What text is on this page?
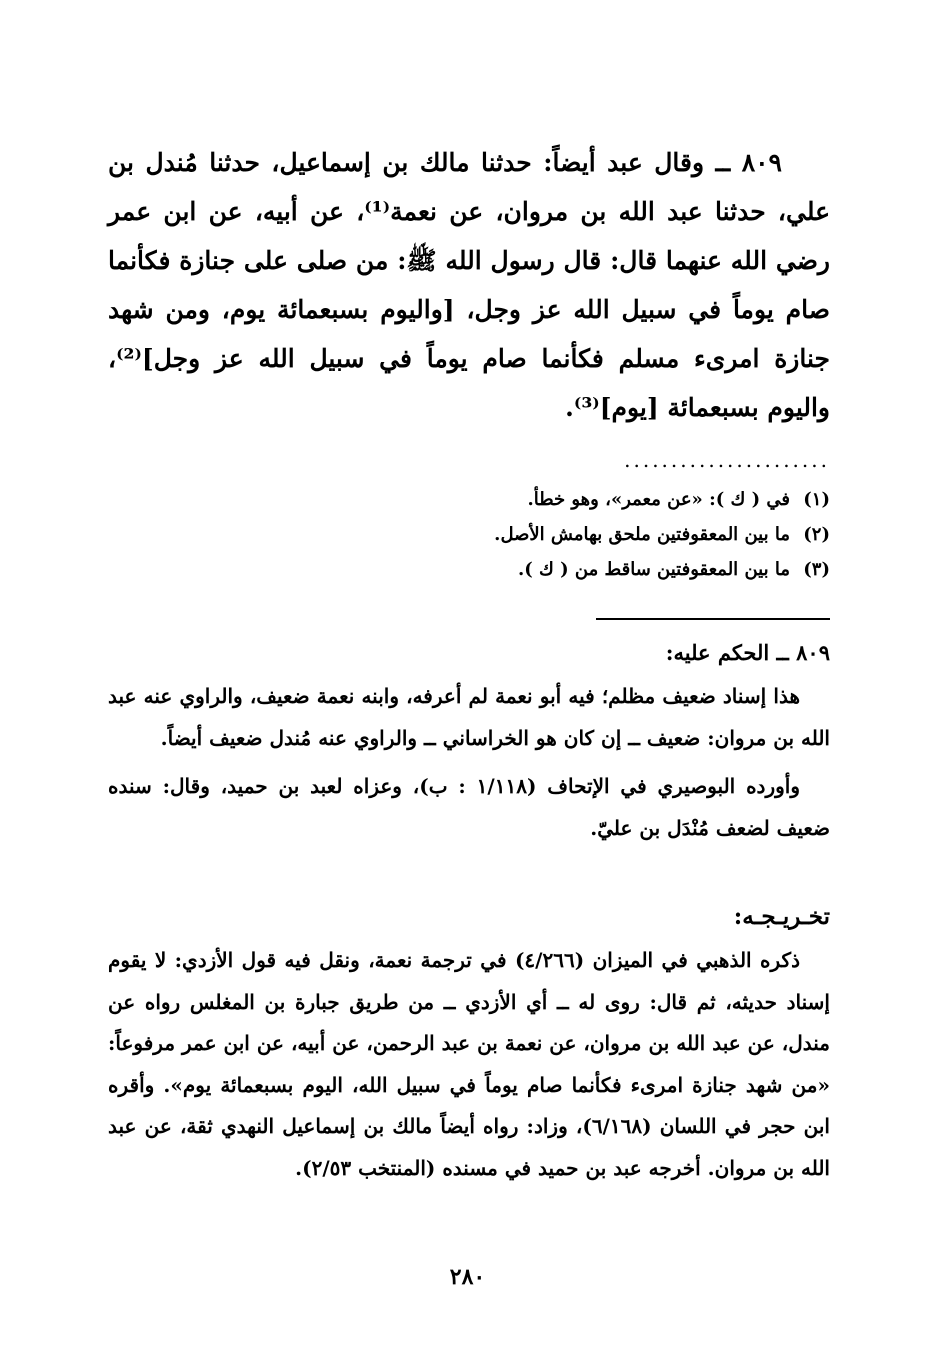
٨٠٩ ــ وقال عبد أيضاً: حدثنا مالك بن إسماعيل، حدثنا مُندل بن علي، حدثنا عبد الله بن مروان، عن نعمة⁽¹⁾، عن أبيه، عن ابن عمر رضي الله عنهما قال: قال رسول الله ﷺ: من صلى على جنازة فكأنما صام يوماً في سبيل الله عز وجل، [واليوم بسبعمائة يوم، ومن شهد جنازة امرىء مسلم فكأنما صام يوماً في سبيل الله عز وجل]⁽²⁾، واليوم بسبعمائة [يوم]⁽³⁾.

......................
(١)
في ( ك ): «عن معمر»، وهو خطأ.
(٢)
ما بين المعقوفتين ملحق بهامش الأصل.
(٣)
ما بين المعقوفتين ساقط من ( ك ).
٨٠٩ ــ الحكم عليه:

هذا إسناد ضعيف مظلم؛ فيه أبو نعمة لم أعرفه، وابنه نعمة ضعيف، والراوي عنه عبد الله بن مروان: ضعيف ــ إن كان هو الخراساني ــ والراوي عنه مُندل ضعيف أيضاً.

وأورده البوصيري في الإتحاف (١/١١٨ : ب)، وعزاه لعبد بن حميد، وقال: سنده ضعيف لضعف مُنْدَل بن عليّ.

تخـريـجـه:

ذكره الذهبي في الميزان (٤/٢٦٦) في ترجمة نعمة، ونقل فيه قول الأزدي: لا يقوم إسناد حديثه، ثم قال: روى له ــ أي الأزدي ــ من طريق جبارة بن المغلس رواه عن مندل، عن عبد الله بن مروان، عن نعمة بن عبد الرحمن، عن أبيه، عن ابن عمر مرفوعاً: «من شهد جنازة امرىء فكأنما صام يوماً في سبيل الله، اليوم بسبعمائة يوم». وأقره ابن حجر في اللسان (٦/١٦٨)، وزاد: رواه أيضاً مالك بن إسماعيل النهدي ثقة، عن عبد الله بن مروان. أخرجه عبد بن حميد في مسنده (المنتخب ٢/٥٣).

٢٨٠
